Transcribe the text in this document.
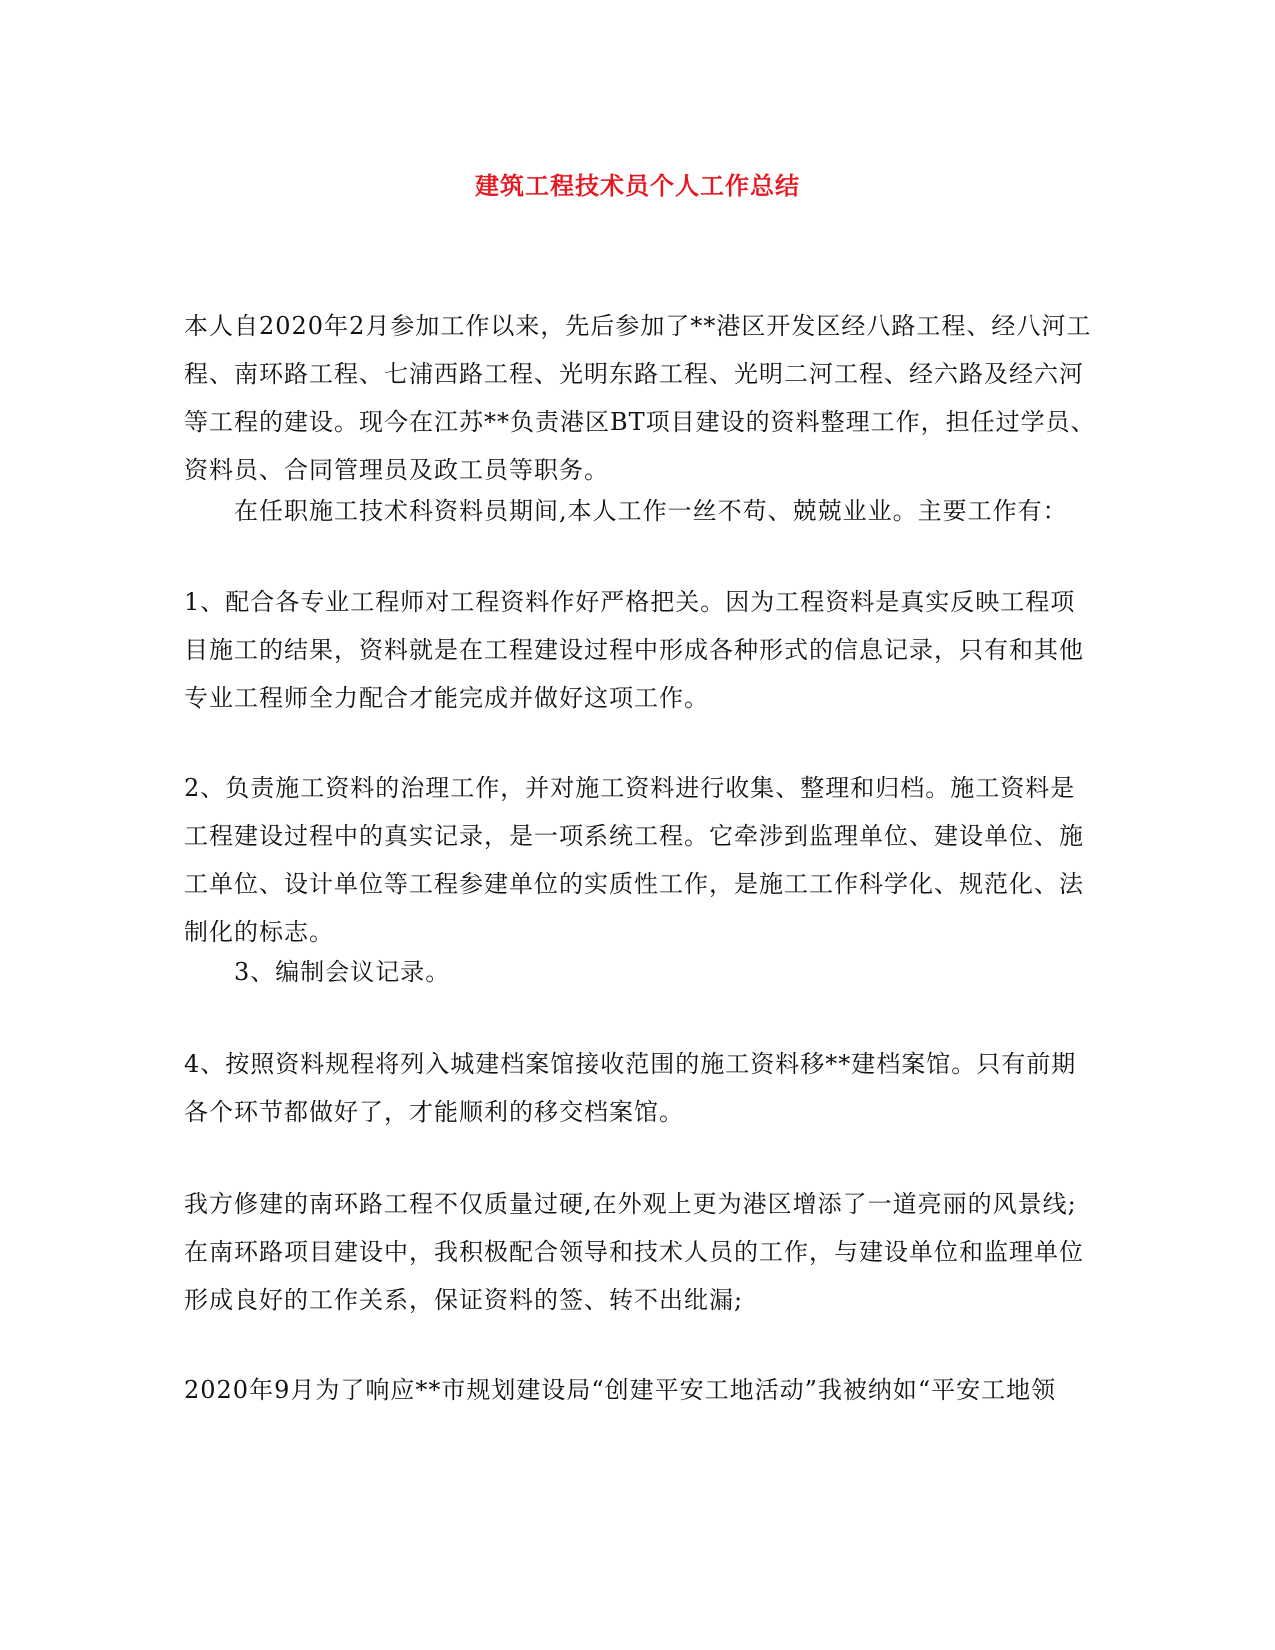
建筑工程技术员个人工作总结

本人自2020年2月参加工作以来，先后参加了**港区开发区经八路工程、经八河工
程、南环路工程、七浦西路工程、光明东路工程、光明二河工程、经六路及经六河
等工程的建设。现今在江苏**负责港区BT项目建设的资料整理工作，担任过学员、
资料员、合同管理员及政工员等职务。

在任职施工技术科资料员期间,本人工作一丝不苟、兢兢业业。主要工作有：

1、配合各专业工程师对工程资料作好严格把关。因为工程资料是真实反映工程项
目施工的结果，资料就是在工程建设过程中形成各种形式的信息记录，只有和其他
专业工程师全力配合才能完成并做好这项工作。

2、负责施工资料的治理工作，并对施工资料进行收集、整理和归档。施工资料是
工程建设过程中的真实记录，是一项系统工程。它牵涉到监理单位、建设单位、施
工单位、设计单位等工程参建单位的实质性工作，是施工工作科学化、规范化、法
制化的标志。

3、编制会议记录。

4、按照资料规程将列入城建档案馆接收范围的施工资料移**建档案馆。只有前期
各个环节都做好了，才能顺利的移交档案馆。

我方修建的南环路工程不仅质量过硬,在外观上更为港区增添了一道亮丽的风景线;
在南环路项目建设中，我积极配合领导和技术人员的工作，与建设单位和监理单位
形成良好的工作关系，保证资料的签、转不出纰漏;

2020年9月为了响应**市规划建设局“创建平安工地活动”我被纳如“平安工地领
